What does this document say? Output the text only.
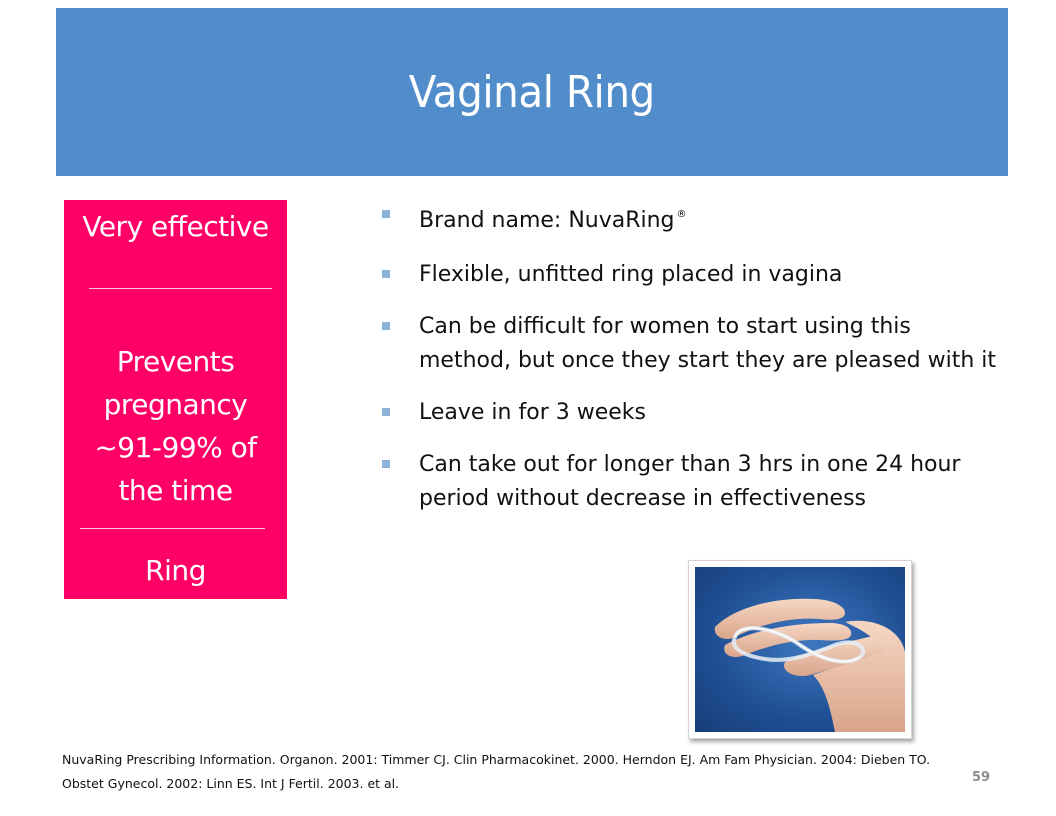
Vaginal Ring
Very effective
Prevents pregnancy ~91-99% of the time
Ring
Brand name: NuvaRing ®
Flexible, unfitted ring placed in vagina
Can be difficult for women to start using this method, but once they start they are pleased with it
Leave in for 3 weeks
Can take out for longer than 3 hrs in one 24 hour period without decrease in effectiveness
NuvaRing Prescribing Information. Organon. 2001: Timmer CJ. Clin Pharmacokinet. 2000. Herndon EJ. Am Fam Physician. 2004: Dieben TO. Obstet Gynecol. 2002: Linn ES. Int J Fertil. 2003. et al.	59
